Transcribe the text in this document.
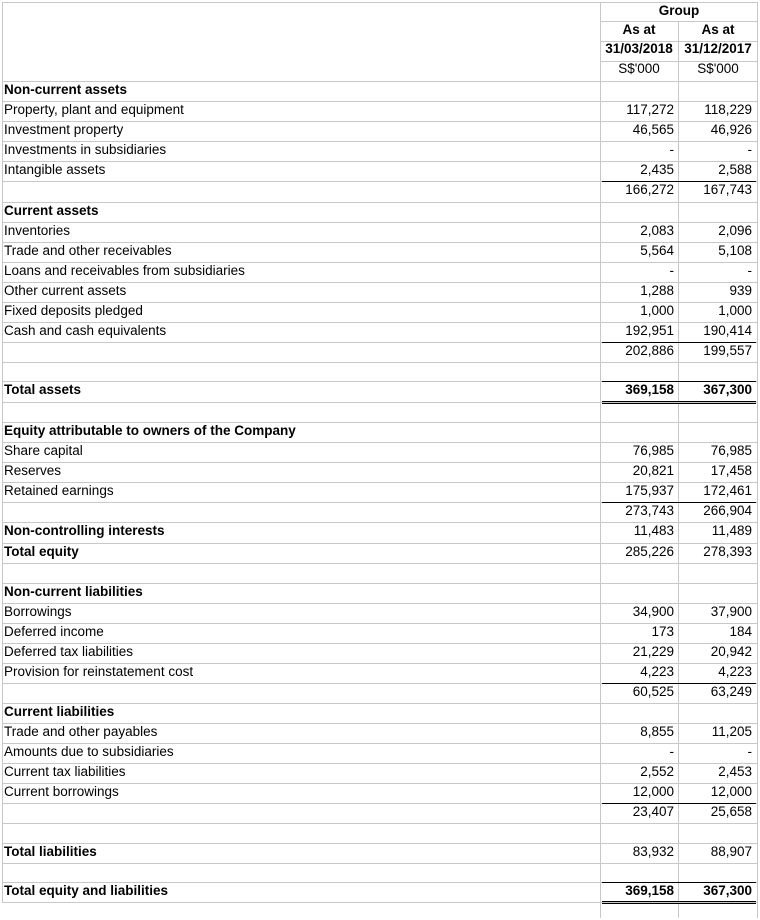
Group
As at	As at
31/03/2018 31/12/2017
S$'000	S$'000
Non-current assets
Property, plant and equipment	117,272	118,229
Investment property	46,565	46,926
Investments in subsidiaries	-	-
Intangible assets	2,435	2,588
166,272	167,743
Current assets
Inventories	2,083	2,096
Trade and other receivables	5,564	5,108
Loans and receivables from subsidiaries	-	-
Other current assets	1,288	939
Fixed deposits pledged	1,000	1,000
Cash and cash equivalents	192,951	190,414
202,886	199,557
Total assets	369,158	367,300
Equity attributable to owners of the Company
Share capital	76,985	76,985
Reserves	20,821	17,458
Retained earnings	175,937	172,461
273,743	266,904
Non-controlling interests	11,483	11,489
Total equity	285,226	278,393
Non-current liabilities
Borrowings	34,900	37,900
Deferred income	173	184
Deferred tax liabilities	21,229	20,942
Provision for reinstatement cost	4,223	4,223
60,525	63,249
Current liabilities
Trade and other payables	8,855	11,205
Amounts due to subsidiaries	-	-
Current tax liabilities	2,552	2,453
Current borrowings	12,000	12,000
23,407	25,658
Total liabilities	83,932	88,907
Total equity and liabilities	369,158	367,300
